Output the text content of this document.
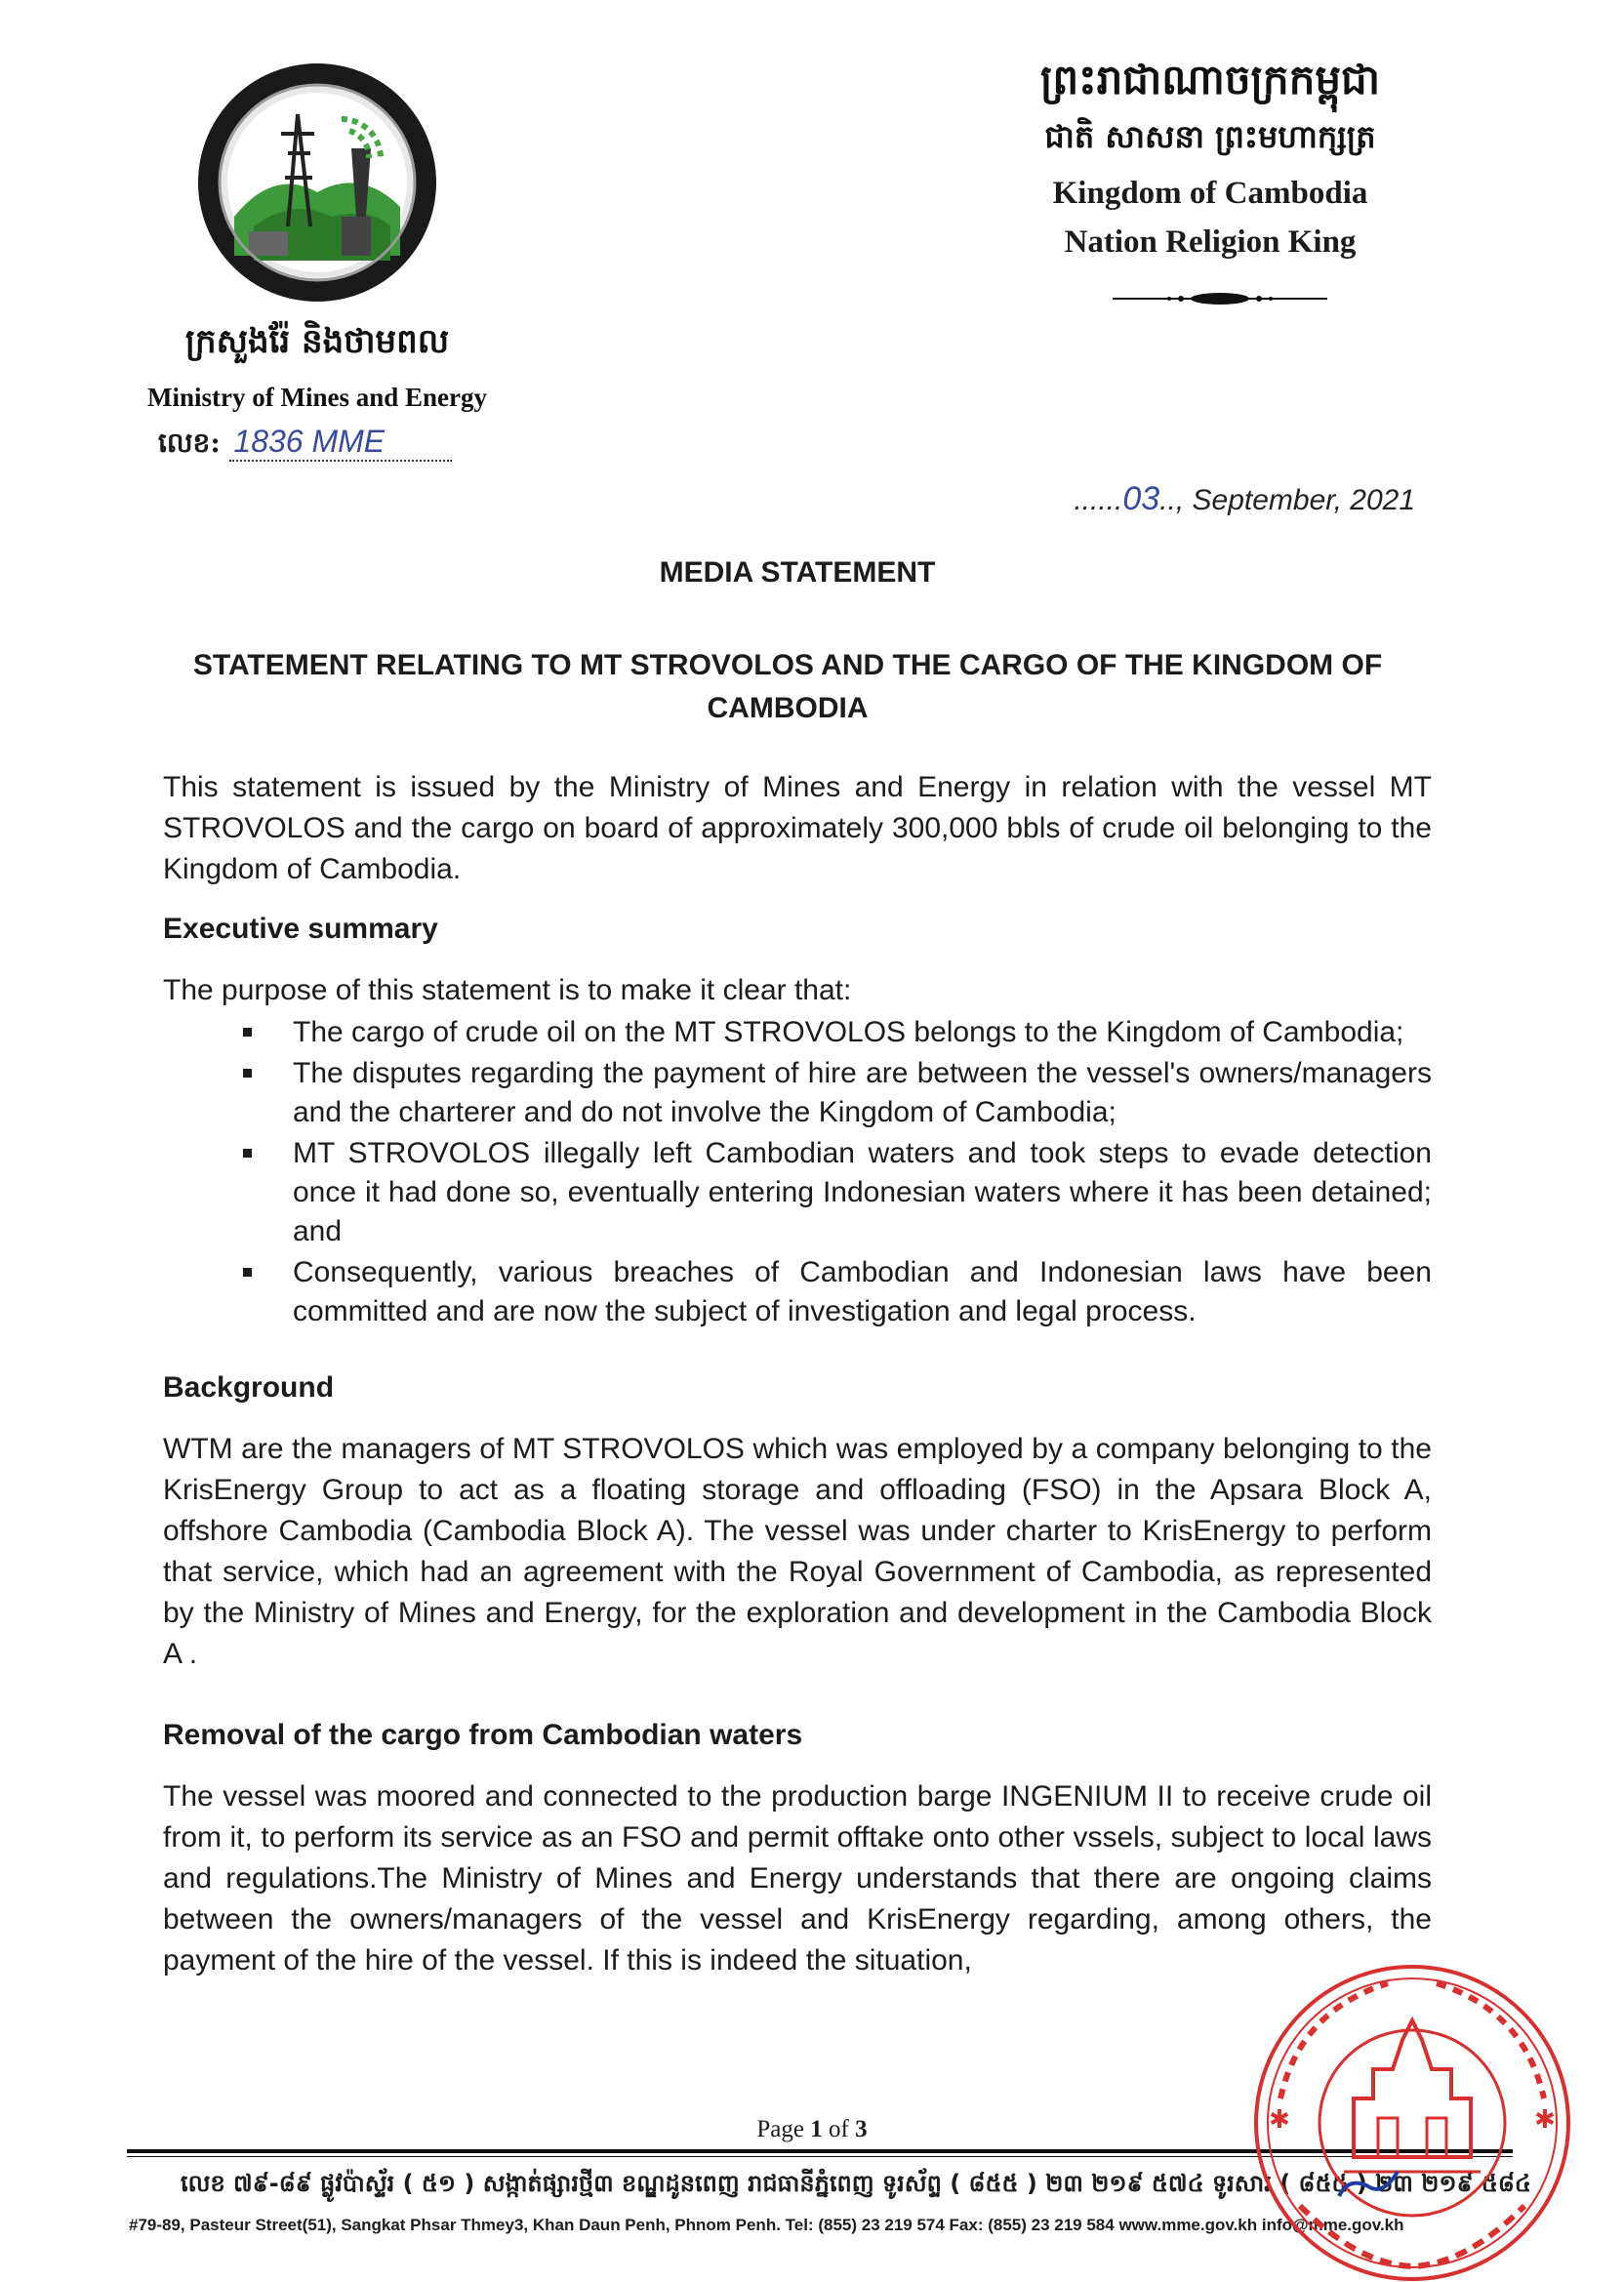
ក្រសួងរ៉ែ និងថាមពល
Ministry of Mines and Energy
លេខ: 1836 MME
ព្រះរាជាណាចក្រកម្ពុជា
ជាតិ សាសនា ព្រះមហាក្សត្រ
Kingdom of Cambodia
Nation Religion King
......03.., September, 2021
MEDIA STATEMENT
STATEMENT RELATING TO MT STROVOLOS AND THE CARGO OF THE KINGDOM OF CAMBODIA

This statement is issued by the Ministry of Mines and Energy in relation with the vessel MT STROVOLOS and the cargo on board of approximately 300,000 bbls of crude oil belonging to the Kingdom of Cambodia.

Executive summary

The purpose of this statement is to make it clear that:

The cargo of crude oil on the MT STROVOLOS belongs to the Kingdom of Cambodia;
The disputes regarding the payment of hire are between the vessel's owners/managers and the charterer and do not involve the Kingdom of Cambodia;
MT STROVOLOS illegally left Cambodian waters and took steps to evade detection once it had done so, eventually entering Indonesian waters where it has been detained; and
Consequently, various breaches of Cambodian and Indonesian laws have been committed and are now the subject of investigation and legal process.
Background

WTM are the managers of MT STROVOLOS which was employed by a company belonging to the KrisEnergy Group to act as a floating storage and offloading (FSO) in the Apsara Block A, offshore Cambodia (Cambodia Block A). The vessel was under charter to KrisEnergy to perform that service, which had an agreement with the Royal Government of Cambodia, as represented by the Ministry of Mines and Energy, for the exploration and development in the Cambodia Block A .

Removal of the cargo from Cambodian waters

The vessel was moored and connected to the production barge INGENIUM II to receive crude oil from it, to perform its service as an FSO and permit offtake onto other vssels, subject to local laws and regulations.The Ministry of Mines and Energy understands that there are ongoing claims between the owners/managers of the vessel and KrisEnergy regarding, among others, the payment of the hire of the vessel. If this is indeed the situation,

Page 1 of 3
លេខ ៧៩-៨៩ ផ្លូវប៉ាស្ទ័រ ( ៥១ ) សង្កាត់ផ្សារថ្មី៣ ខណ្ឌដូនពេញ រាជធានីភ្នំពេញ ទូរស័ព្ទ ( ៨៥៥ ) ២៣ ២១៩ ៥៧៤ ទូរសារ ( ៨៥៥ ) ២៣ ២១៩ ៥៨៤
#79-89, Pasteur Street(51), Sangkat Phsar Thmey3, Khan Daun Penh, Phnom Penh. Tel: (855) 23 219 574 Fax: (855) 23 219 584 www.mme.gov.kh info@mme.gov.kh
✱	✱
